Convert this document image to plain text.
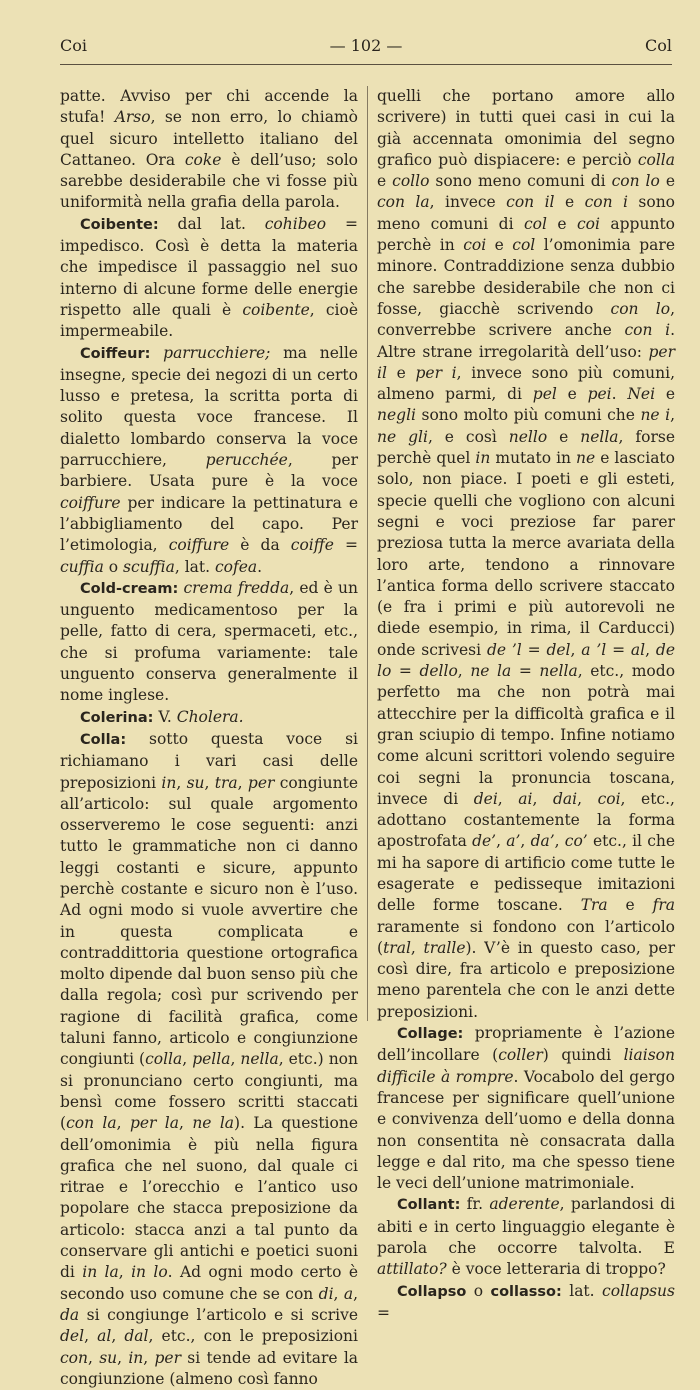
Coi	— 102 —	Col

patte. Avviso per chi accende la stufa! Arso, se non erro, lo chiamò quel sicuro intelletto italiano del Cattaneo. Ora coke è dell’uso; solo sarebbe desiderabile che vi fosse più uniformità nella grafia della parola.

Coibente: dal lat. cohibeo = impedisco. Così è detta la materia che impedisce il passaggio nel suo interno di alcune forme delle energie rispetto alle quali è coibente, cioè impermeabile.

Coiffeur: parrucchiere; ma nelle insegne, specie dei negozi di un certo lusso e pretesa, la scritta porta di solito questa voce francese. Il dialetto lombardo conserva la voce parrucchiere, perucchée, per barbiere. Usata pure è la voce coiffure per indicare la pettinatura e l’abbigliamento del capo. Per l’etimologia, coiffure è da coiffe = cuffia o scuffia, lat. cofea.

Cold-cream: crema fredda, ed è un unguento medicamentoso per la pelle, fatto di cera, spermaceti, etc., che si profuma variamente: tale unguento conserva generalmente il nome inglese.

Colerina: V. Cholera.

Colla: sotto questa voce si richiamano i vari casi delle preposizioni in, su, tra, per congiunte all’articolo: sul quale argomento osserveremo le cose seguenti: anzi tutto le grammatiche non ci danno leggi costanti e sicure, appunto perchè costante e sicuro non è l’uso. Ad ogni modo si vuole avvertire che in questa complicata e contraddittoria questione ortografica molto dipende dal buon senso più che dalla regola; così pur scrivendo per ragione di facilità grafica, come taluni fanno, articolo e congiunzione congiunti (colla, pella, nella, etc.) non si pronunciano certo congiunti, ma bensì come fossero scritti staccati (con la, per la, ne la). La questione dell’omonimia è più nella figura grafica che nel suono, dal quale ci ritrae e l’orecchio e l’antico uso popolare che stacca preposizione da articolo: stacca anzi a tal punto da conservare gli antichi e poetici suoni di in la, in lo. Ad ogni modo certo è secondo uso comune che se con di, a, da si congiunge l’articolo e si scrive del, al, dal, etc., con le preposizioni con, su, in, per si tende ad evitare la congiunzione (almeno così fanno

quelli che portano amore allo scrivere) in tutti quei casi in cui la già accennata omonimia del segno grafico può dispiacere: e perciò colla e collo sono meno comuni di con lo e con la, invece con il e con i sono meno comuni di col e coi appunto perchè in coi e col l’omonimia pare minore. Contraddizione senza dubbio che sarebbe desiderabile che non ci fosse, giacchè scrivendo con lo, converrebbe scrivere anche con i. Altre strane irregolarità dell’uso: per il e per i, invece sono più comuni, almeno parmi, di pel e pei. Nei e negli sono molto più comuni che ne i, ne gli, e così nello e nella, forse perchè quel in mutato in ne e lasciato solo, non piace. I poeti e gli esteti, specie quelli che vogliono con alcuni segni e voci preziose far parer preziosa tutta la merce avariata della loro arte, tendono a rinnovare l’antica forma dello scrivere staccato (e fra i primi e più autorevoli ne diede esempio, in rima, il Carducci) onde scrivesi de ’l = del, a ’l = al, de lo = dello, ne la = nella, etc., modo perfetto ma che non potrà mai attecchire per la difficoltà grafica e il gran sciupio di tempo. Infine notiamo come alcuni scrittori volendo seguire coi segni la pronuncia toscana, invece di dei, ai, dai, coi, etc., adottano costantemente la forma apostrofata de’, a’, da’, co’ etc., il che mi ha sapore di artificio come tutte le esagerate e pedisseque imitazioni delle forme toscane. Tra e fra raramente si fondono con l’articolo (tral, tralle). V’è in questo caso, per così dire, fra articolo e preposizione meno parentela che con le anzi dette preposizioni.

Collage: propriamente è l’azione dell’incollare (coller) quindi liaison difficile à rompre. Vocabolo del gergo francese per significare quell’unione e convivenza dell’uomo e della donna non consentita nè consacrata dalla legge e dal rito, ma che spesso tiene le veci dell’unione matrimoniale.

Collant: fr. aderente, parlandosi di abiti e in certo linguaggio elegante è parola che occorre talvolta. E attillato? è voce letteraria di troppo?

Collapso o collasso: lat. collapsus =
